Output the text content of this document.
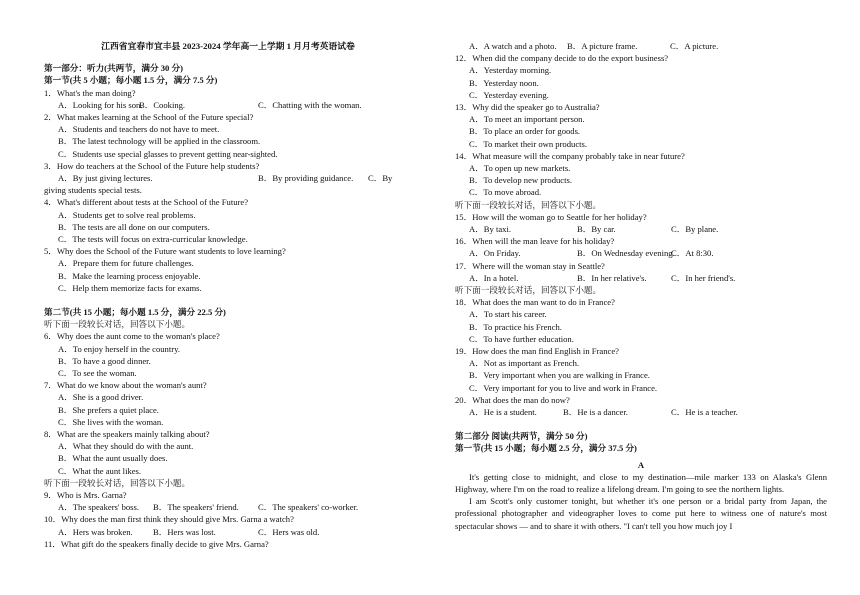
江西省宜春市宜丰县 2023-2024 学年高一上学期 1 月月考英语试卷
第一部分：听力(共两节，满分 30 分)
第一节(共 5 小题；每小题 1.5 分，满分 7.5 分)
1．What's the man doing?
A．Looking for his son.
B．Cooking.	C．Chatting with the woman.
2．What makes learning at the School of the Future special?
A．Students and teachers do not have to meet.
B．The latest technology will be applied in the classroom.
C．Students use special glasses to prevent getting near-sighted.
3．How do teachers at the School of the Future help students?
A．By just giving lectures.	B．By providing guidance. C．By
giving students special tests.
4．What's different about tests at the School of the Future?
A．Students get to solve real problems.
B．The tests are all done on our computers.
C．The tests will focus on extra-curricular knowledge.
5．Why does the School of the Future want students to love learning?
A．Prepare them for future challenges.
B．Make the learning process enjoyable.
C．Help them memorize facts for exams.
第二节(共 15 小题；每小题 1.5 分，满分 22.5 分)
听下面一段较长对话，回答以下小题。
6．Why does the aunt come to the woman's place?
A．To enjoy herself in the country.
B．To have a good dinner.
C．To see the woman.
7．What do we know about the woman's aunt?
A．She is a good driver.
B．She prefers a quiet place.
C．She lives with the woman.
8．What are the speakers mainly talking about?
A．What they should do with the aunt.
B．What the aunt usually does.
C．What the aunt likes.
听下面一段较长对话，回答以下小题。
9．Who is Mrs. Garna?
A．The speakers' boss. B．The speakers' friend. C．The speakers' co-worker.
10．Why does the man first think they should give Mrs. Garna a watch?
A．Hers was broken. B．Hers was lost.	C．Hers was old.
11．What gift do the speakers finally decide to give Mrs. Garna?
A．A watch and a photo. B．A picture frame.	C．A picture.
12．When did the company decide to do the export business?
A．Yesterday morning.
B．Yesterday noon.
C．Yesterday evening.
13．Why did the speaker go to Australia?
A．To meet an important person.
B．To place an order for goods.
C．To market their own products.
14．What measure will the company probably take in near future?
A．To open up new markets.
B．To develop new products.
C．To move abroad.
听下面一段较长对话，回答以下小题。
15．How will the woman go to Seattle for her holiday?
A．By taxi.	B．By car.	C．By plane.
16．When will the man leave for his holiday?
A．On Friday.	B．On Wednesday evening.
C．At 8:30.
17．Where will the woman stay in Seattle?
A．In a hotel.	B．In her relative's.	C．In her friend's.
听下面一段较长对话，回答以下小题。
18．What does the man want to do in France?
A．To start his career.
B．To practice his French.
C．To have further education.
19．How does the man find English in France?
A．Not as important as French.
B．Very important when you are walking in France.
C．Very important for you to live and work in France.
20．What does the man do now?
A．He is a student.	B．He is a dancer.	C．He is a teacher.
第二部分 阅读(共两节，满分 50 分)
第一节(共 15 小题；每小题 2.5 分，满分 37.5 分)
A

It's getting close to midnight, and close to my destination—mile marker 133 on Alaska's Glenn Highway, where I'm on the road to realize a lifelong dream. I'm going to see the northern lights.

I am Scott's only customer tonight, but whether it's one person or a bridal party from Japan, the professional photographer and videographer loves to come put here to witness one of nature's most spectacular shows — and to share it with others. "I can't tell you how much joy I
